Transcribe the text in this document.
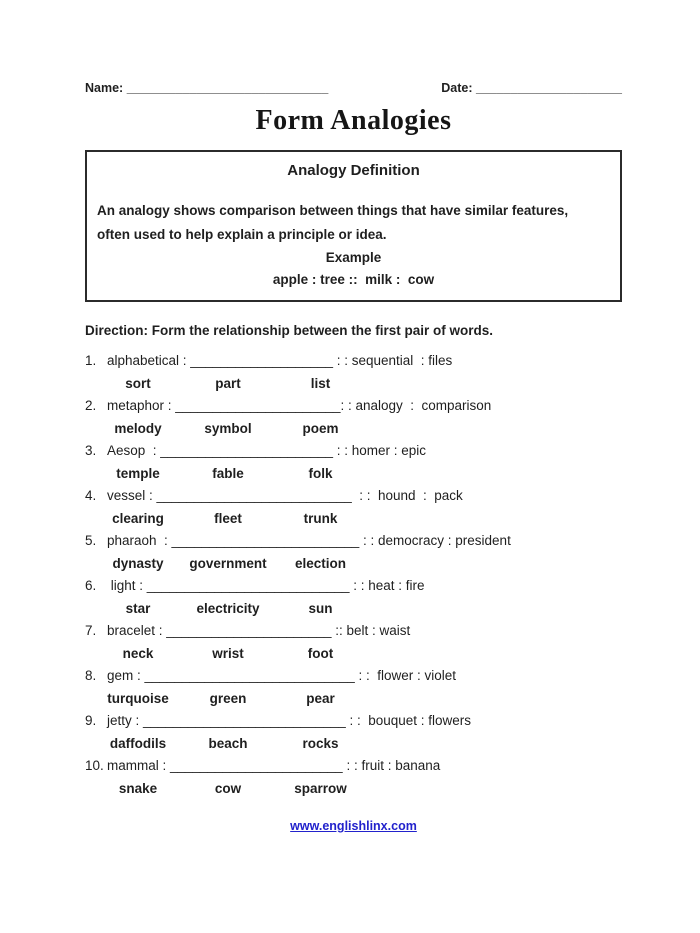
Name: _____________________________	Date: _____________________
Form Analogies
Analogy Definition
An analogy shows comparison between things that have similar features,
often used to help explain a principle or idea.
Example
apple : tree ::  milk :  cow
Direction: Form the relationship between the first pair of words.
1. alphabetical : ___________________ : : sequential  : files
sort	part	list
2. metaphor : ______________________: : analogy  :  comparison
melody	symbol	poem
3. Aesop  : _______________________ : : homer : epic
temple	fable	folk
4. vessel : __________________________  : :  hound  :  pack
clearing	fleet	trunk
5. pharaoh  : _________________________ : : democracy : president
dynasty government election
6. light : ___________________________ : : heat : fire
star	electricity	sun
7. bracelet : ______________________ :: belt : waist
neck	wrist	foot
8. gem : ____________________________ : :  flower : violet
turquoise	green	pear
9. jetty : ___________________________ : :  bouquet : flowers
daffodils	beach	rocks
10. mammal : _______________________ : : fruit : banana
snake	cow	sparrow
www.englishlinx.com
